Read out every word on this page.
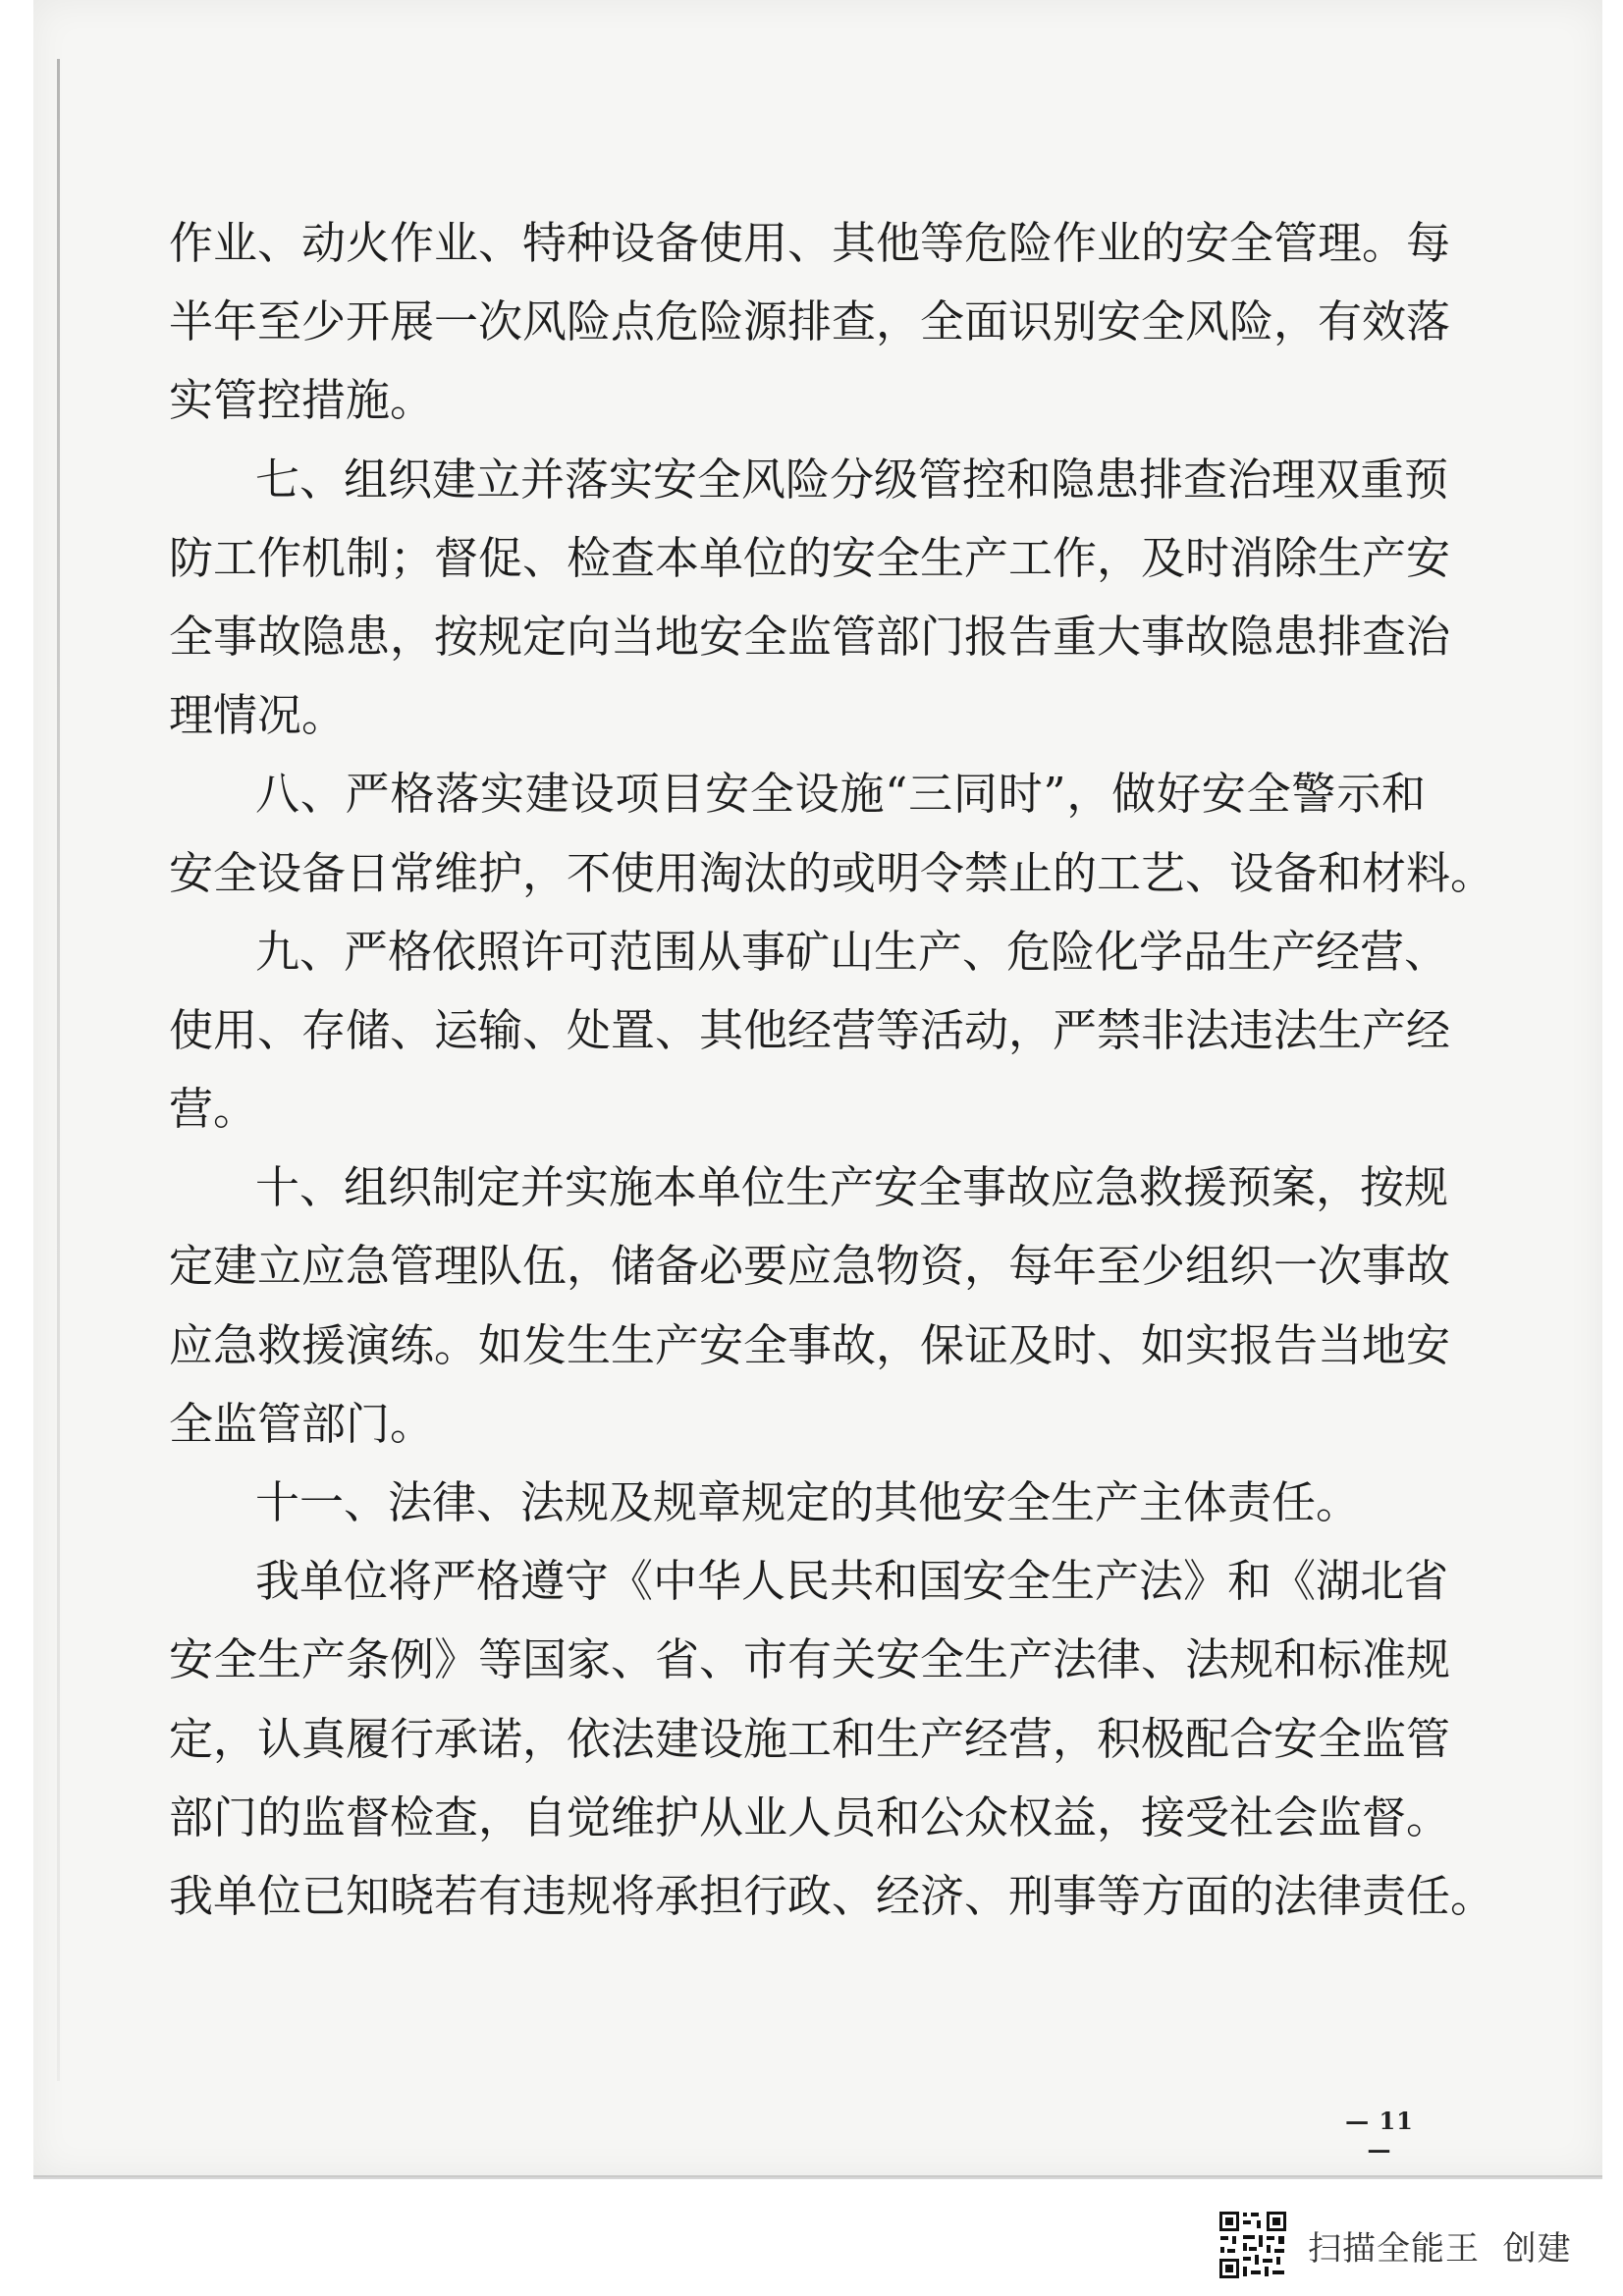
作业、动火作业、特种设备使用、其他等危险作业的安全管理。每
半年至少开展一次风险点危险源排查，全面识别安全风险，有效落
实管控措施。
七、组织建立并落实安全风险分级管控和隐患排查治理双重预
防工作机制；督促、检查本单位的安全生产工作，及时消除生产安
全事故隐患，按规定向当地安全监管部门报告重大事故隐患排查治
理情况。
八、严格落实建设项目安全设施“三同时”，做好安全警示和
安全设备日常维护，不使用淘汰的或明令禁止的工艺、设备和材料。
九、严格依照许可范围从事矿山生产、危险化学品生产经营、
使用、存储、运输、处置、其他经营等活动，严禁非法违法生产经
营。
十、组织制定并实施本单位生产安全事故应急救援预案，按规
定建立应急管理队伍，储备必要应急物资，每年至少组织一次事故
应急救援演练。如发生生产安全事故，保证及时、如实报告当地安
全监管部门。
十一、法律、法规及规章规定的其他安全生产主体责任。
我单位将严格遵守《中华人民共和国安全生产法》和《湖北省
安全生产条例》等国家、省、市有关安全生产法律、法规和标准规
定，认真履行承诺，依法建设施工和生产经营，积极配合安全监管
部门的监督检查，自觉维护从业人员和公众权益，接受社会监督。
我单位已知晓若有违规将承担行政、经济、刑事等方面的法律责任。
— 11 —
扫描全能王  创建
